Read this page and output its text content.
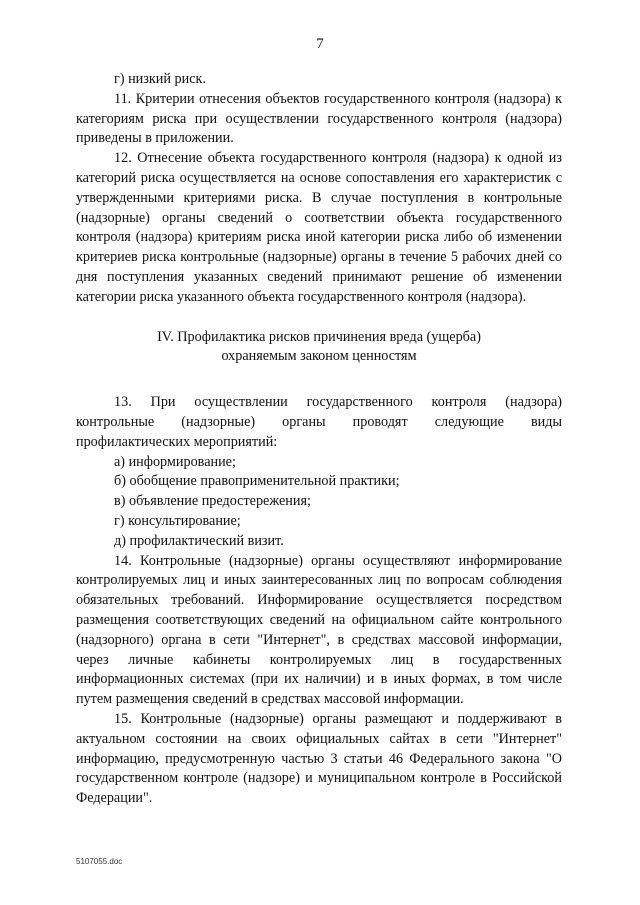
7

г) низкий риск.

11. Критерии отнесения объектов государственного контроля (надзора) к категориям риска при осуществлении государственного контроля (надзора) приведены в приложении.

12. Отнесение объекта государственного контроля (надзора) к одной из категорий риска осуществляется на основе сопоставления его характеристик с утвержденными критериями риска. В случае поступления в контрольные (надзорные) органы сведений о соответствии объекта государственного контроля (надзора) критериям риска иной категории риска либо об изменении критериев риска контрольные (надзорные) органы в течение 5 рабочих дней со дня поступления указанных сведений принимают решение об изменении категории риска указанного объекта государственного контроля (надзора).

IV. Профилактика рисков причинения вреда (ущерба)
охраняемым законом ценностям

13. При осуществлении государственного контроля (надзора) контрольные (надзорные) органы проводят следующие виды профилактических мероприятий:

а) информирование;

б) обобщение правоприменительной практики;

в) объявление предостережения;

г) консультирование;

д) профилактический визит.

14. Контрольные (надзорные) органы осуществляют информирование контролируемых лиц и иных заинтересованных лиц по вопросам соблюдения обязательных требований. Информирование осуществляется посредством размещения соответствующих сведений на официальном сайте контрольного (надзорного) органа в сети "Интернет", в средствах массовой информации, через личные кабинеты контролируемых лиц в государственных информационных системах (при их наличии) и в иных формах, в том числе путем размещения сведений в средствах массовой информации.

15. Контрольные (надзорные) органы размещают и поддерживают в актуальном состоянии на своих официальных сайтах в сети "Интернет" информацию, предусмотренную частью 3 статьи 46 Федерального закона "О государственном контроле (надзоре) и муниципальном контроле в Российской Федерации".

5107055.doc
